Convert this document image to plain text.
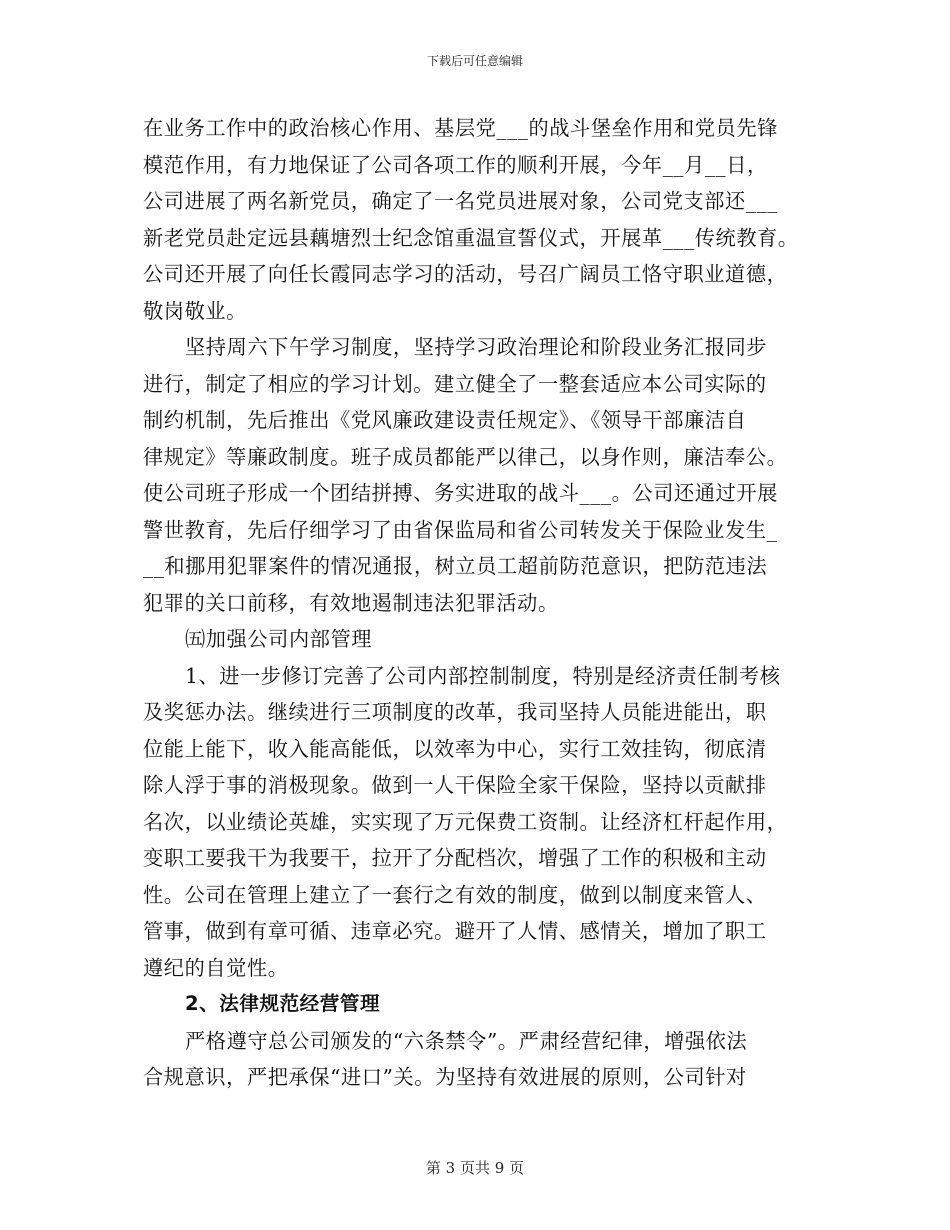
下载后可任意编辑
在业务工作中的政治核心作用、基层党___的战斗堡垒作用和党员先锋
模范作用，有力地保证了公司各项工作的顺利开展，今年__月__日，
公司进展了两名新党员，确定了一名党员进展对象，公司党支部还___
新老党员赴定远县藕塘烈士纪念馆重温宣誓仪式，开展革___传统教育。
公司还开展了向任长霞同志学习的活动，号召广阔员工恪守职业道德，
敬岗敬业。
坚持周六下午学习制度，坚持学习政治理论和阶段业务汇报同步
进行，制定了相应的学习计划。建立健全了一整套适应本公司实际的
制约机制，先后推出《党风廉政建设责任规定》、《领导干部廉洁自
律规定》等廉政制度。班子成员都能严以律己，以身作则，廉洁奉公。
使公司班子形成一个团结拼搏、务实进取的战斗___。公司还通过开展
警世教育，先后仔细学习了由省保监局和省公司转发关于保险业发生_
__和挪用犯罪案件的情况通报，树立员工超前防范意识，把防范违法
犯罪的关口前移，有效地遏制违法犯罪活动。
㈤加强公司内部管理
1、进一步修订完善了公司内部控制制度，特别是经济责任制考核
及奖惩办法。继续进行三项制度的改革，我司坚持人员能进能出，职
位能上能下，收入能高能低，以效率为中心，实行工效挂钩，彻底清
除人浮于事的消极现象。做到一人干保险全家干保险，坚持以贡献排
名次，以业绩论英雄，实实现了万元保费工资制。让经济杠杆起作用，
变职工要我干为我要干，拉开了分配档次，增强了工作的积极和主动
性。公司在管理上建立了一套行之有效的制度，做到以制度来管人、
管事，做到有章可循、违章必究。避开了人情、感情关，增加了职工
遵纪的自觉性。
2、法律规范经营管理
严格遵守总公司颁发的“六条禁令”。严肃经营纪律，增强依法
合规意识，严把承保“进口”关。为坚持有效进展的原则，公司针对
第 3 页共 9 页
